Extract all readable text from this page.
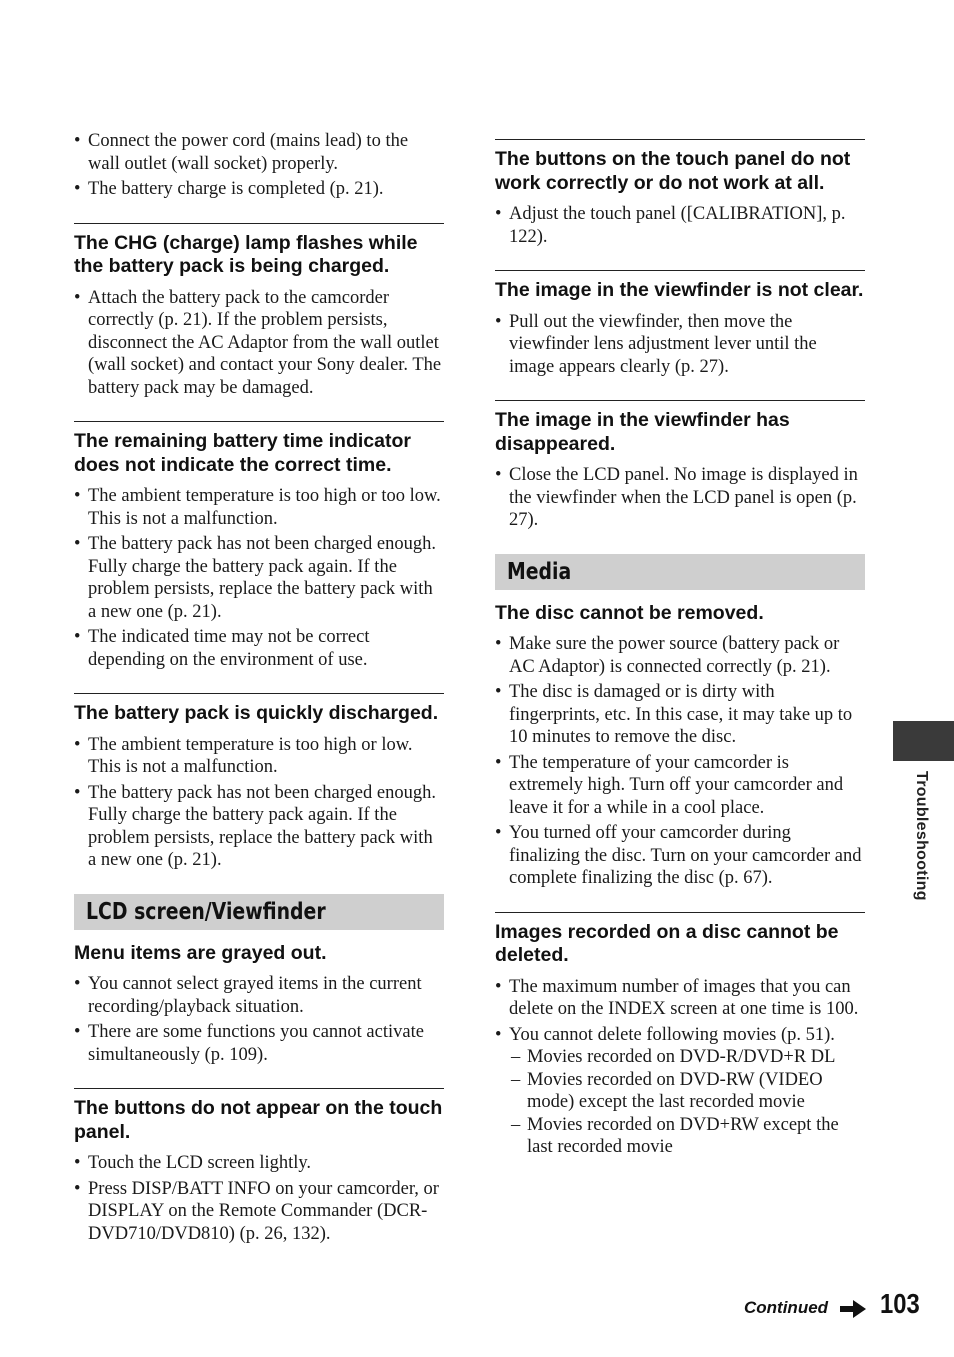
• Connect the power cord (mains lead) to the wall outlet (wall socket) properly.
• The battery charge is completed (p. 21).
The CHG (charge) lamp flashes while the battery pack is being charged.
• Attach the battery pack to the camcorder correctly (p. 21). If the problem persists, disconnect the AC Adaptor from the wall outlet (wall socket) and contact your Sony dealer. The battery pack may be damaged.
The remaining battery time indicator does not indicate the correct time.
• The ambient temperature is too high or too low. This is not a malfunction.
• The battery pack has not been charged enough. Fully charge the battery pack again. If the problem persists, replace the battery pack with a new one (p. 21).
• The indicated time may not be correct depending on the environment of use.
The battery pack is quickly discharged.
• The ambient temperature is too high or low. This is not a malfunction.
• The battery pack has not been charged enough. Fully charge the battery pack again. If the problem persists, replace the battery pack with a new one (p. 21).
LCD screen/Viewfinder
Menu items are grayed out.
• You cannot select grayed items in the current recording/playback situation.
• There are some functions you cannot activate simultaneously (p. 109).
The buttons do not appear on the touch panel.
• Touch the LCD screen lightly.
• Press DISP/BATT INFO on your camcorder, or DISPLAY on the Remote Commander (DCR-DVD710/DVD810) (p. 26, 132).
The buttons on the touch panel do not work correctly or do not work at all.
• Adjust the touch panel ([CALIBRATION], p. 122).
The image in the viewfinder is not clear.
• Pull out the viewfinder, then move the viewfinder lens adjustment lever until the image appears clearly (p. 27).
The image in the viewfinder has disappeared.
• Close the LCD panel. No image is displayed in the viewfinder when the LCD panel is open (p. 27).
Media
The disc cannot be removed.
• Make sure the power source (battery pack or AC Adaptor) is connected correctly (p. 21).
• The disc is damaged or is dirty with fingerprints, etc. In this case, it may take up to 10 minutes to remove the disc.
• The temperature of your camcorder is extremely high. Turn off your camcorder and leave it for a while in a cool place.
• You turned off your camcorder during finalizing the disc. Turn on your camcorder and complete finalizing the disc (p. 67).
Images recorded on a disc cannot be deleted.
• The maximum number of images that you can delete on the INDEX screen at one time is 100.
• You cannot delete following movies (p. 51).
– Movies recorded on DVD-R/DVD+R DL
– Movies recorded on DVD-RW (VIDEO mode) except the last recorded movie
– Movies recorded on DVD+RW except the last recorded movie
Troubleshooting
Continued 103
